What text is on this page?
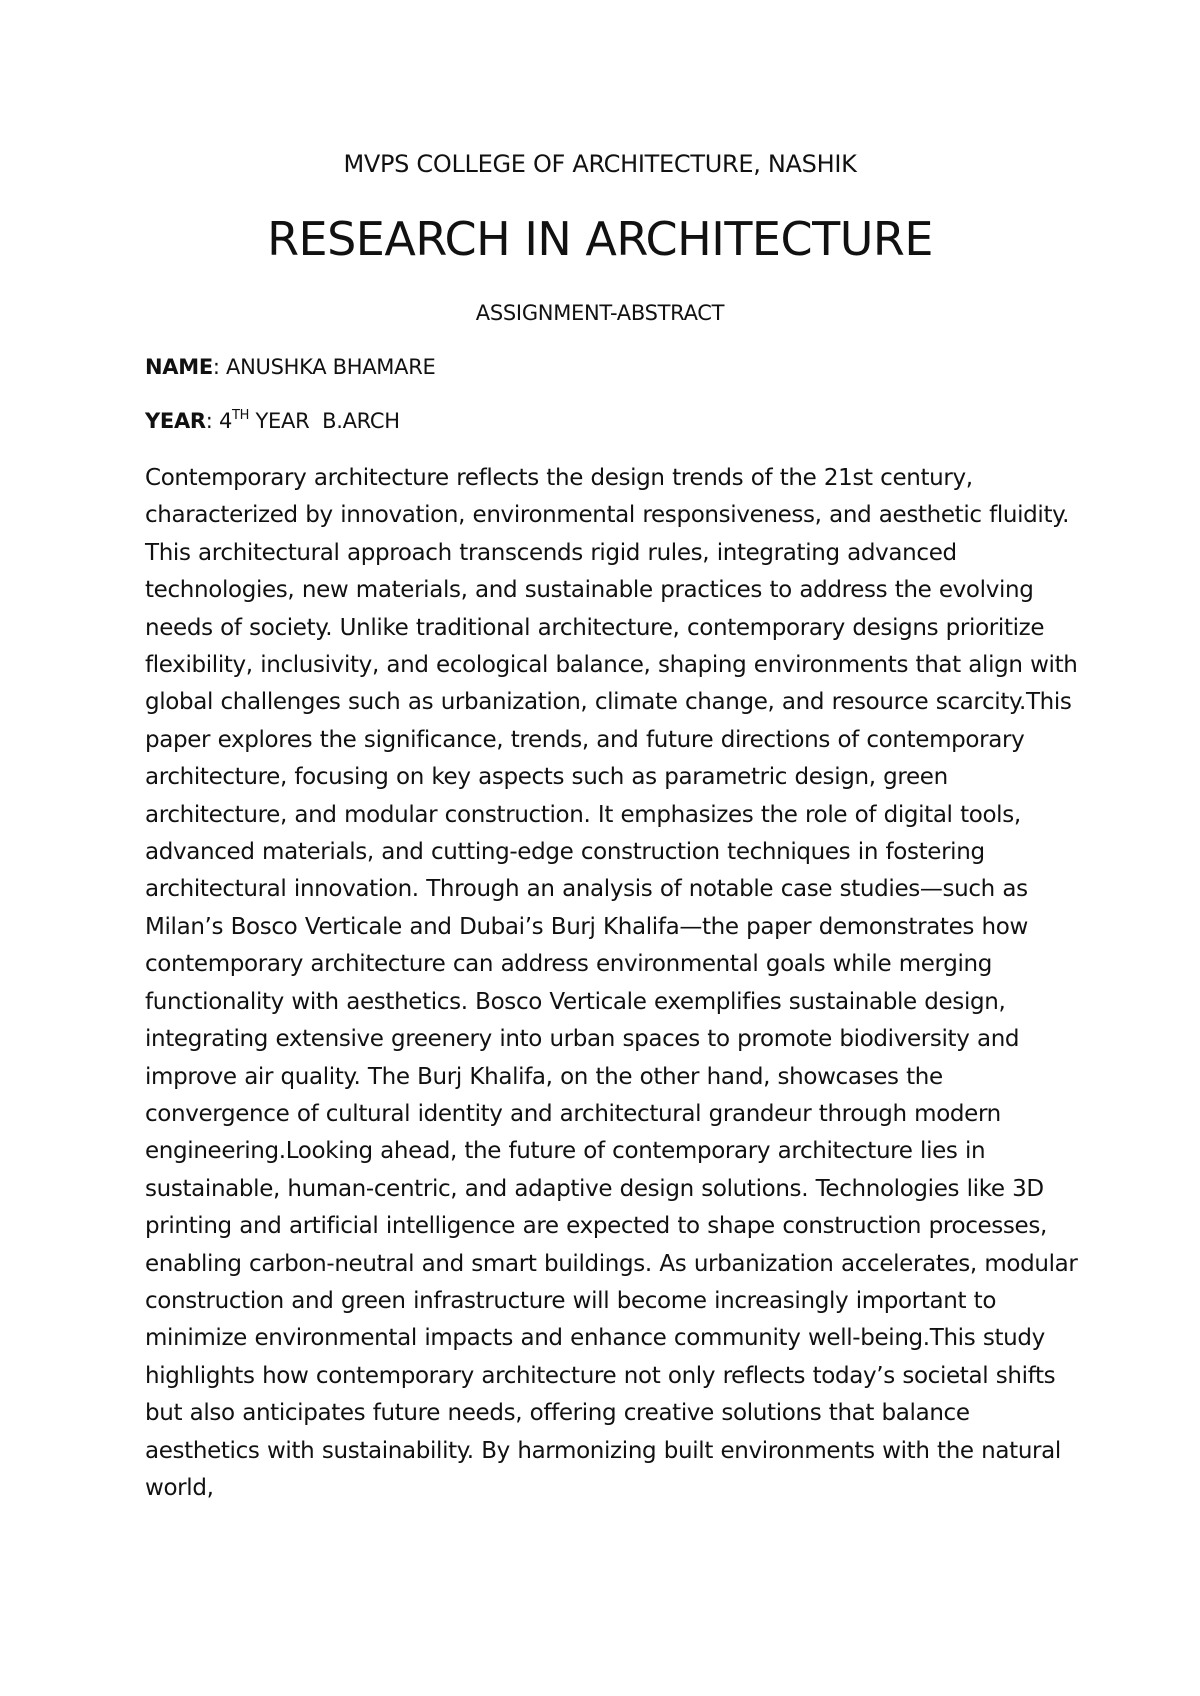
MVPS COLLEGE OF ARCHITECTURE, NASHIK
RESEARCH IN ARCHITECTURE
ASSIGNMENT-ABSTRACT
NAME: ANUSHKA BHAMARE
YEAR: 4TH YEAR  B.ARCH

Contemporary architecture reflects the design trends of the 21st century, characterized by innovation, environmental responsiveness, and aesthetic fluidity. This architectural approach transcends rigid rules, integrating advanced technologies, new materials, and sustainable practices to address the evolving needs of society. Unlike traditional architecture, contemporary designs prioritize flexibility, inclusivity, and ecological balance, shaping environments that align with global challenges such as urbanization, climate change, and resource scarcity.This paper explores the significance, trends, and future directions of contemporary architecture, focusing on key aspects such as parametric design, green architecture, and modular construction. It emphasizes the role of digital tools, advanced materials, and cutting-edge construction techniques in fostering architectural innovation. Through an analysis of notable case studies—such as Milan’s Bosco Verticale and Dubai’s Burj Khalifa—the paper demonstrates how contemporary architecture can address environmental goals while merging functionality with aesthetics. Bosco Verticale exemplifies sustainable design, integrating extensive greenery into urban spaces to promote biodiversity and improve air quality. The Burj Khalifa, on the other hand, showcases the convergence of cultural identity and architectural grandeur through modern engineering.Looking ahead, the future of contemporary architecture lies in sustainable, human-centric, and adaptive design solutions. Technologies like 3D printing and artificial intelligence are expected to shape construction processes, enabling carbon-neutral and smart buildings. As urbanization accelerates, modular construction and green infrastructure will become increasingly important to minimize environmental impacts and enhance community well-being.This study highlights how contemporary architecture not only reflects today’s societal shifts but also anticipates future needs, offering creative solutions that balance aesthetics with sustainability. By harmonizing built environments with the natural world,
